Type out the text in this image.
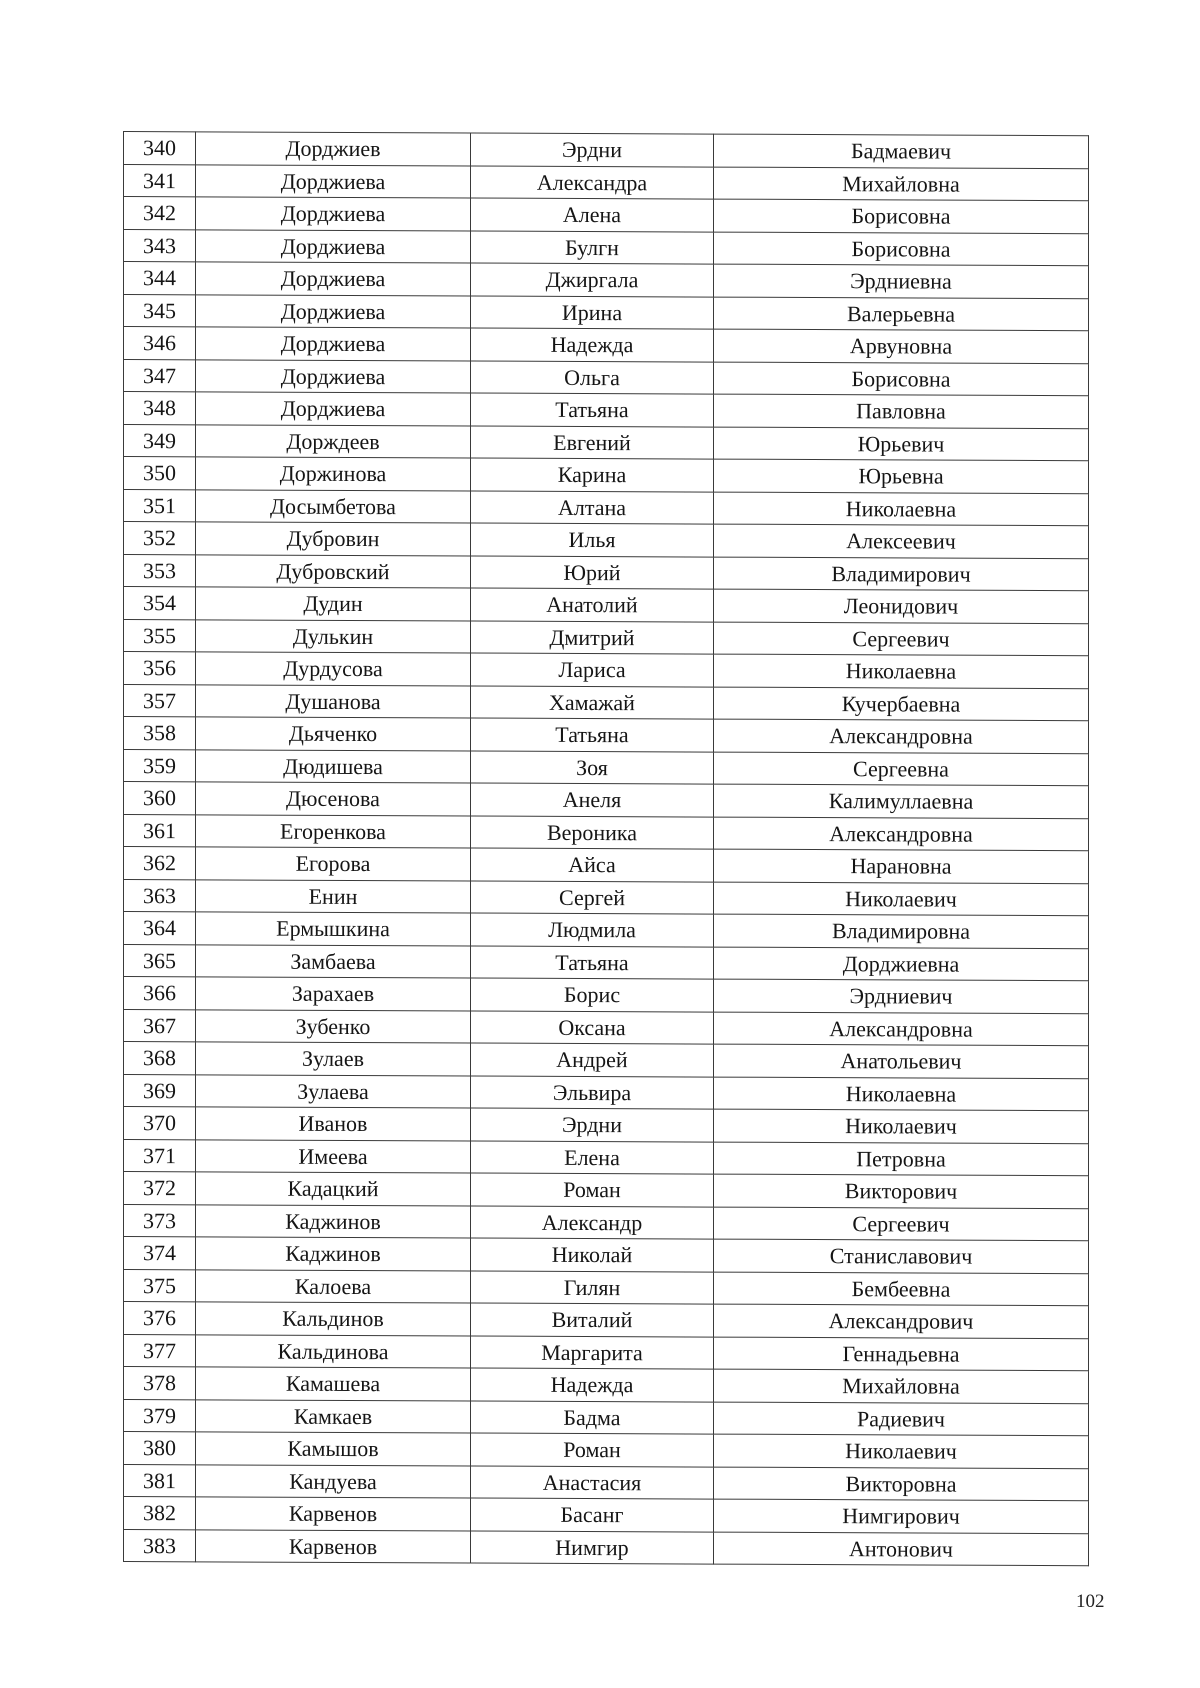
340	Дорджиев	Эрдни	Бадмаевич
341	Дорджиева	Александра	Михайловна
342	Дорджиева	Алена	Борисовна
343	Дорджиева	Булгн	Борисовна
344	Дорджиева	Джиргала	Эрдниевна
345	Дорджиева	Ирина	Валерьевна
346	Дорджиева	Надежда	Арвуновна
347	Дорджиева	Ольга	Борисовна
348	Дорджиева	Татьяна	Павловна
349	Дорждеев	Евгений	Юрьевич
350	Доржинова	Карина	Юрьевна
351	Досымбетова	Алтана	Николаевна
352	Дубровин	Илья	Алексеевич
353	Дубровский	Юрий	Владимирович
354	Дудин	Анатолий	Леонидович
355	Дулькин	Дмитрий	Сергеевич
356	Дурдусова	Лариса	Николаевна
357	Душанова	Хамажай	Кучербаевна
358	Дьяченко	Татьяна	Александровна
359	Дюдишева	Зоя	Сергеевна
360	Дюсенова	Анеля	Калимуллаевна
361	Егоренкова	Вероника	Александровна
362	Егорова	Айса	Нарановна
363	Енин	Сергей	Николаевич
364	Ермышкина	Людмила	Владимировна
365	Замбаева	Татьяна	Дорджиевна
366	Зарахаев	Борис	Эрдниевич
367	Зубенко	Оксана	Александровна
368	Зулаев	Андрей	Анатольевич
369	Зулаева	Эльвира	Николаевна
370	Иванов	Эрдни	Николаевич
371	Имеева	Елена	Петровна
372	Кадацкий	Роман	Викторович
373	Каджинов	Александр	Сергеевич
374	Каджинов	Николай	Станиславович
375	Калоева	Гилян	Бембеевна
376	Кальдинов	Виталий	Александрович
377	Кальдинова	Маргарита	Геннадьевна
378	Камашева	Надежда	Михайловна
379	Камкаев	Бадма	Радиевич
380	Камышов	Роман	Николаевич
381	Кандуева	Анастасия	Викторовна
382	Карвенов	Басанг	Нимгирович
383	Карвенов	Нимгир	Антонович
102
